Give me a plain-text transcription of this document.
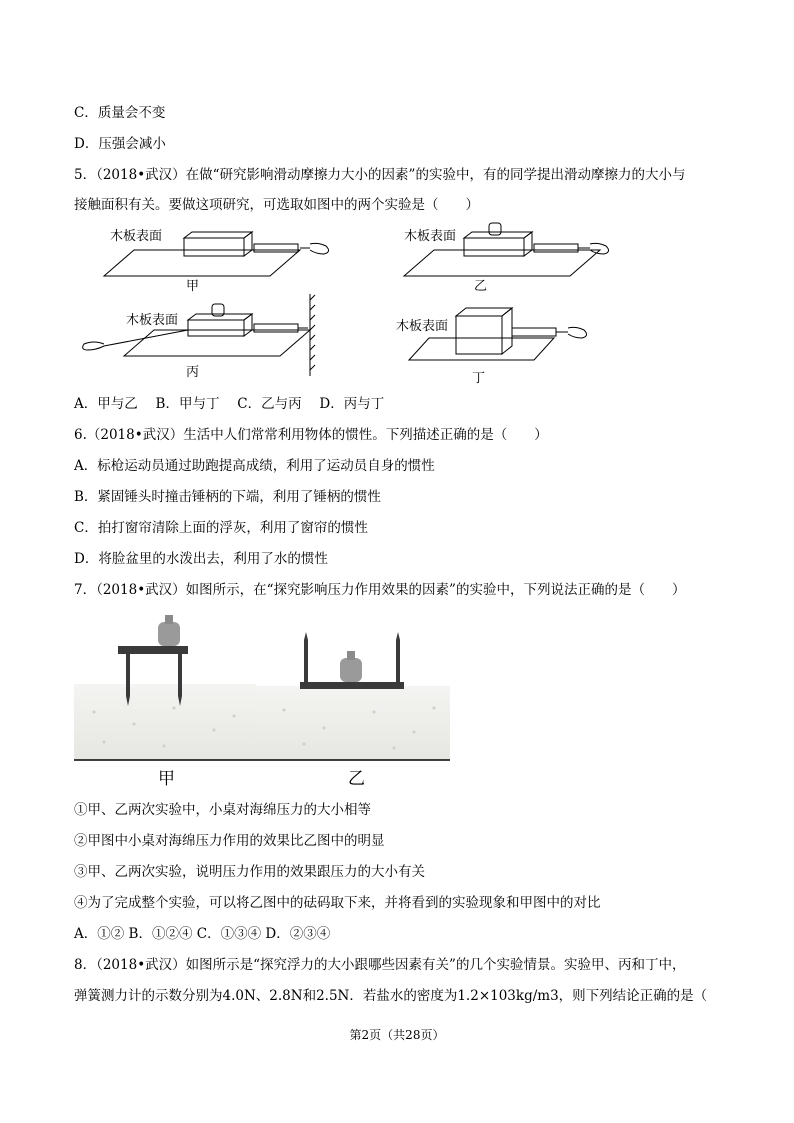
C．质量会不变
D．压强会减小
5．（2018•武汉）在做“研究影响滑动摩擦力大小的因素”的实验中，有的同学提出滑动摩擦力的大小与
接触面积有关。要做这项研究，可选取如图中的两个实验是（　　）
木板表面	木板表面
木板表面	木板表面
甲	乙
丙	丁
A．甲与乙　 B．甲与丁　 C．乙与丙　 D．丙与丁
6.（2018•武汉）生活中人们常常利用物体的惯性。下列描述正确的是（　　）
A．标枪运动员通过助跑提高成绩，利用了运动员自身的惯性
B．紧固锤头时撞击锤柄的下端，利用了锤柄的惯性
C．拍打窗帘清除上面的浮灰，利用了窗帘的惯性
D．将脸盆里的水泼出去，利用了水的惯性
7．（2018•武汉）如图所示，在“探究影响压力作用效果的因素”的实验中，下列说法正确的是（　　）
甲	乙
①甲、乙两次实验中，小桌对海绵压力的大小相等
②甲图中小桌对海绵压力作用的效果比乙图中的明显
③甲、乙两次实验，说明压力作用的效果跟压力的大小有关
④为了完成整个实验，可以将乙图中的砝码取下来，并将看到的实验现象和甲图中的对比
A．①② B．①②④ C．①③④ D．②③④
8．（2018•武汉）如图所示是“探究浮力的大小跟哪些因素有关”的几个实验情景。实验甲、丙和丁中，
弹簧测力计的示数分别为4.0N、2.8N和2.5N．若盐水的密度为1.2×103kg/m3，则下列结论正确的是（
第2页（共28页）
